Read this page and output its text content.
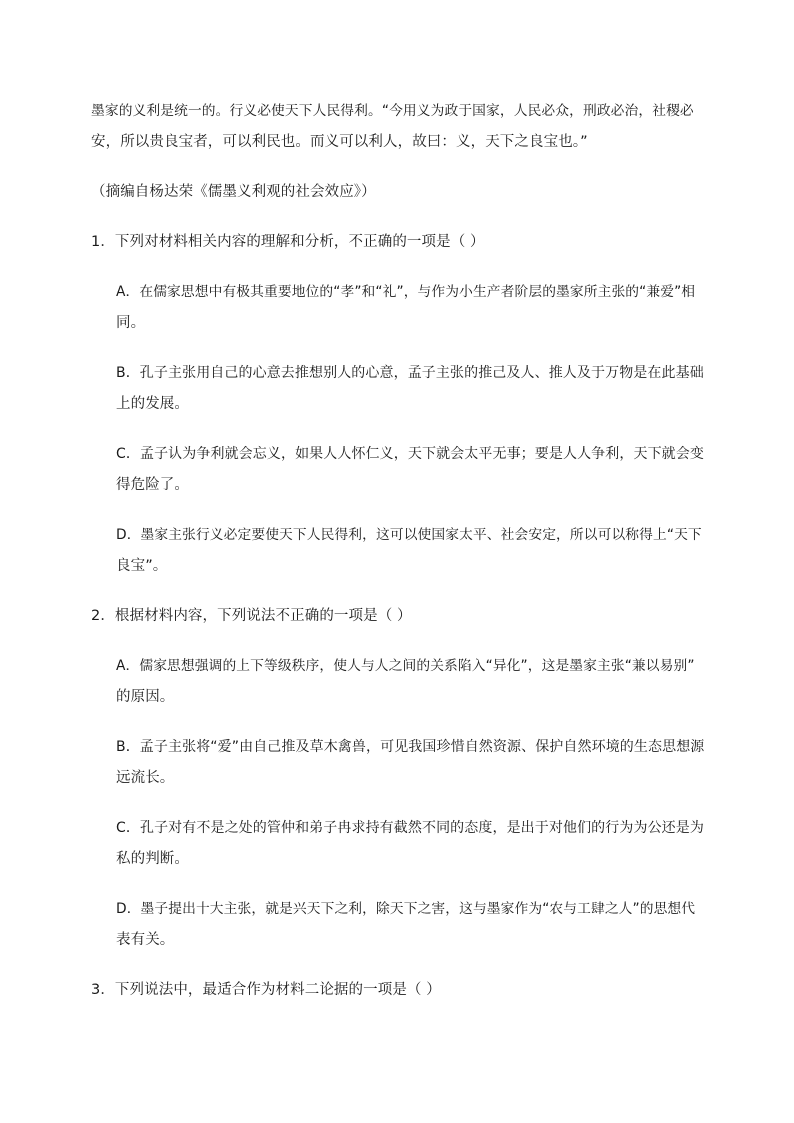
墨家的义利是统一的。行义必使天下人民得利。“今用义为政于国家，人民必众，刑政必治，社稷必
安，所以贵良宝者，可以利民也。而义可以利人，故曰：义，天下之良宝也。”
（摘编自杨达荣《儒墨义利观的社会效应》）
1．下列对材料相关内容的理解和分析，不正确的一项是（ ）
A．在儒家思想中有极其重要地位的“孝”和“礼”，与作为小生产者阶层的墨家所主张的“兼爱”相
同。
B．孔子主张用自己的心意去推想别人的心意，孟子主张的推己及人、推人及于万物是在此基础
上的发展。
C．孟子认为争利就会忘义，如果人人怀仁义，天下就会太平无事；要是人人争利，天下就会变
得危险了。
D．墨家主张行义必定要使天下人民得利，这可以使国家太平、社会安定，所以可以称得上“天下
良宝”。
2．根据材料内容，下列说法不正确的一项是（ ）
A．儒家思想强调的上下等级秩序，使人与人之间的关系陷入“异化”，这是墨家主张“兼以易别”
的原因。
B．孟子主张将“爱”由自己推及草木禽兽，可见我国珍惜自然资源、保护自然环境的生态思想源
远流长。
C．孔子对有不是之处的管仲和弟子冉求持有截然不同的态度，是出于对他们的行为为公还是为
私的判断。
D．墨子提出十大主张，就是兴天下之利，除天下之害，这与墨家作为“农与工肆之人”的思想代
表有关。
3．下列说法中，最适合作为材料二论据的一项是（ ）
